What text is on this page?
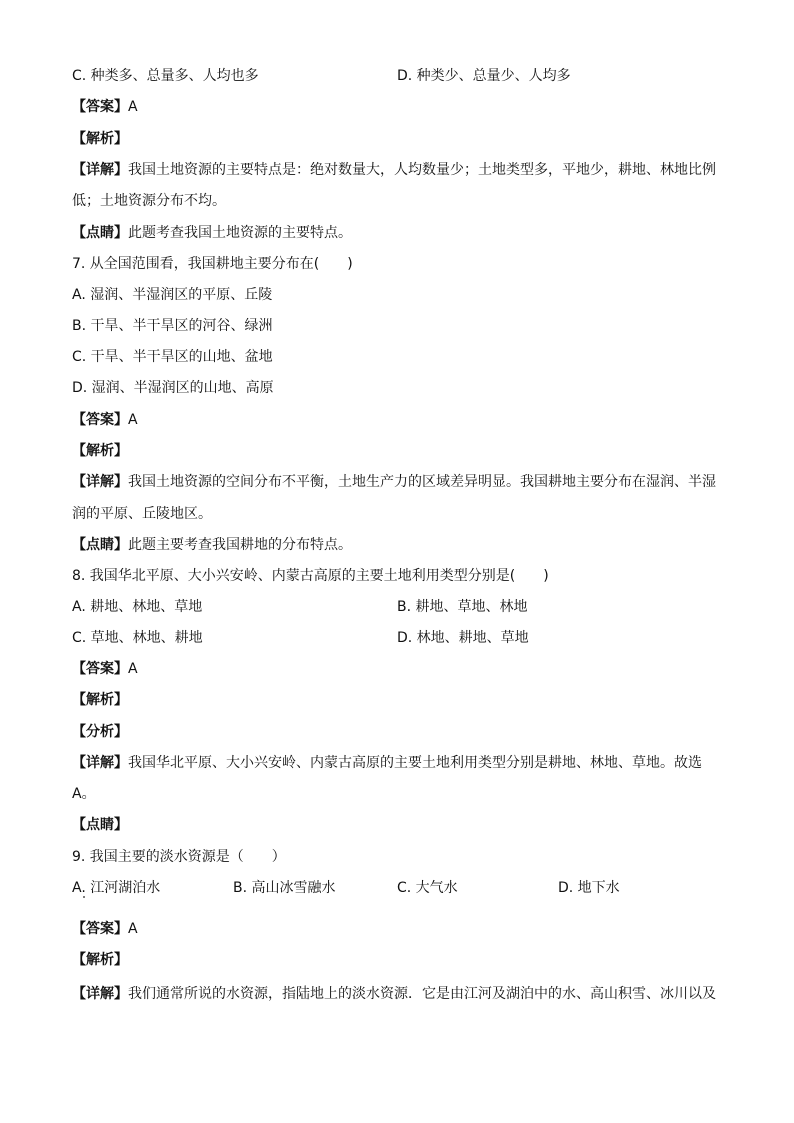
C. 种类多、总量多、人均也多	D. 种类少、总量少、人均多
【答案】A
【解析】
【详解】我国土地资源的主要特点是：绝对数量大，人均数量少；土地类型多，平地少，耕地、林地比例
低；土地资源分布不均。
【点睛】此题考查我国土地资源的主要特点。
7. 从全国范围看，我国耕地主要分布在(　　)
A. 湿润、半湿润区的平原、丘陵
B. 干旱、半干旱区的河谷、绿洲
C. 干旱、半干旱区的山地、盆地
D. 湿润、半湿润区的山地、高原
【答案】A
【解析】
【详解】我国土地资源的空间分布不平衡，土地生产力的区域差异明显。我国耕地主要分布在湿润、半湿
润的平原、丘陵地区。
【点睛】此题主要考查我国耕地的分布特点。
8. 我国华北平原、大小兴安岭、内蒙古高原的主要土地利用类型分别是(　　)
A. 耕地、林地、草地	B. 耕地、草地、林地
C. 草地、林地、耕地	D. 林地、耕地、草地
【答案】A
【解析】
【分析】
【详解】我国华北平原、大小兴安岭、内蒙古高原的主要土地利用类型分别是耕地、林地、草地。故选
A。
【点睛】
9. 我国主要的淡水资源是（　　）
A. 江河湖泊水	B. 高山冰雪融水	C. 大气水	D. 地下水
【答案】A
【解析】
【详解】我们通常所说的水资源，指陆地上的淡水资源．它是由江河及湖泊中的水、高山积雪、冰川以及
